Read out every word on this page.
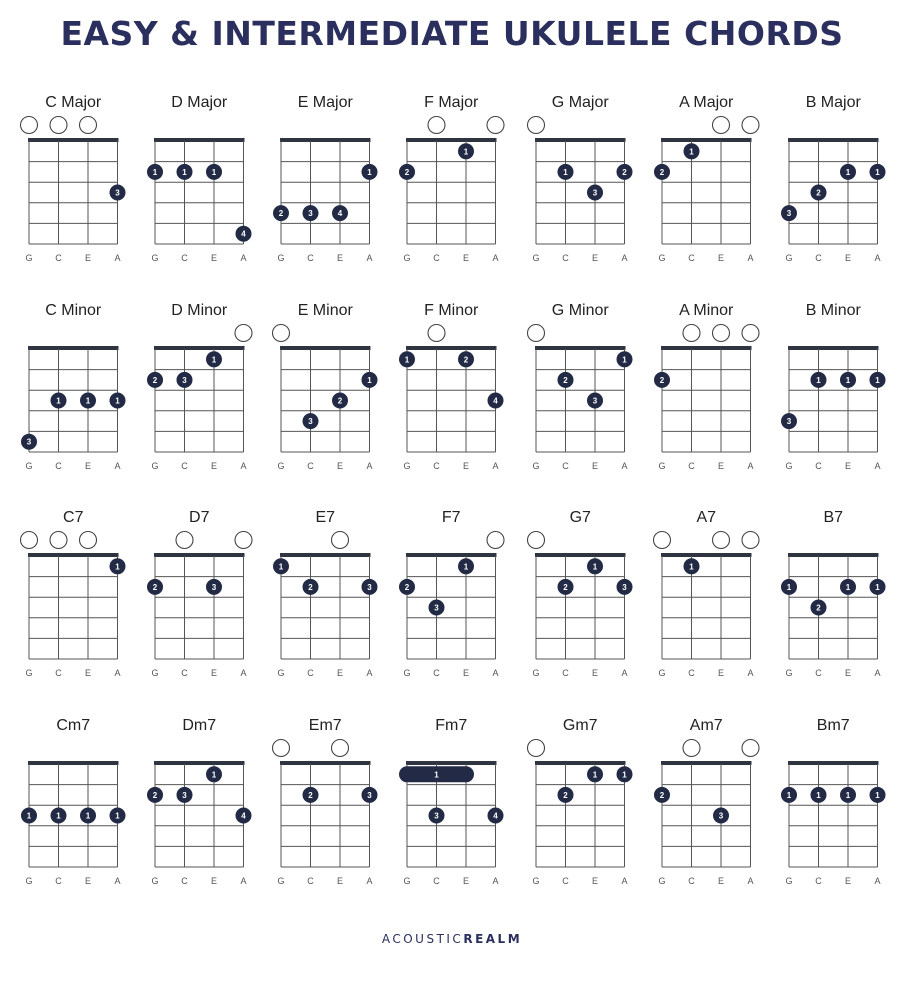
EASY & INTERMEDIATE UKULELE CHORDS
C Major
G	C	E	A
3
D Major
G	C	E	A
1	1	1
4
E Major
G	C	E	A
1
2	3	4
F Major
G	C	E	A
1
2
G Major
G	C	E	A
1	2
3
A Major
G	C	E	A
1
2
B Major
G	C	E	A
1	1
2
3
C Minor
G	C	E	A
1	1	1
3
D Minor
G	C	E	A
1
2	3
E Minor
G	C	E	A
1
2
3
F Minor
G	C	E	A
1	2
4
G Minor
G	C	E	A
1
2
3
A Minor
G	C	E	A
2
B Minor
G	C	E	A
1	1	1
3
C7
G	C	E	A
1
D7
G	C	E	A
2	3
E7
G	C	E	A
1
2	3
F7
G	C	E	A
1
2
3
G7
G	C	E	A
1
2	3
A7
G	C	E	A
1
B7
G	C	E	A
1	1	1
2
Cm7
G	C	E	A
1	1	1	1
Dm7
G	C	E	A
1
2	3
4
Em7
G	C	E	A
2	3
Fm7
G	C	E	A
1
3	4
Gm7
G	C	E	A
1	1
2
Am7
G	C	E	A
2
3
Bm7
G	C	E	A
1	1	1	1
ACOUSTICREALM
